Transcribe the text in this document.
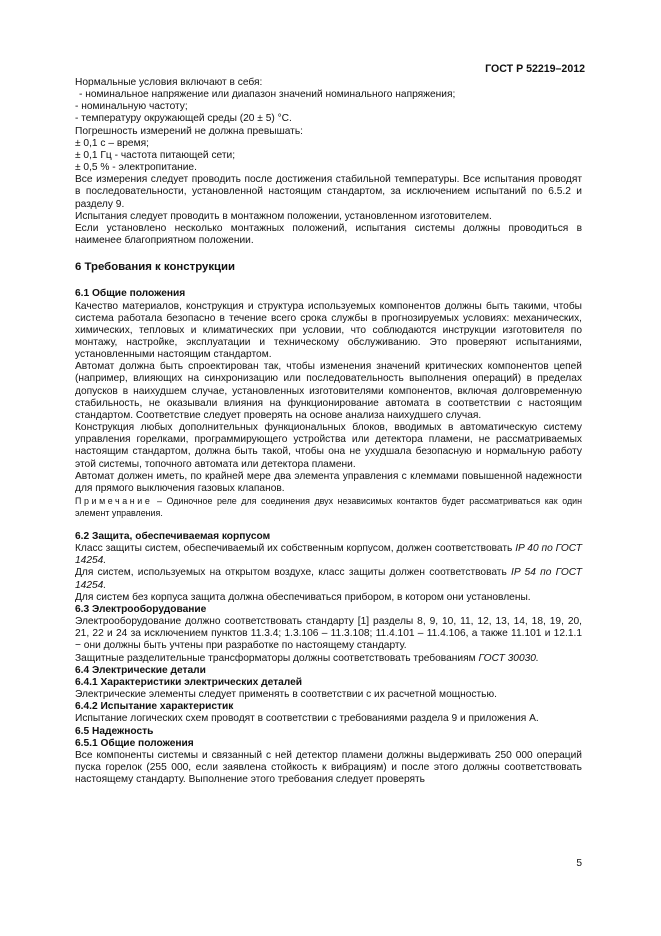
ГОСТ Р 52219–2012

Нормальные условия включают в себя:

- номинальное напряжение или диапазон значений номинального напряжения;

- номинальную частоту;

- температуру окружающей среды (20 ± 5) °С.

Погрешность измерений не должна превышать:

± 0,1 с – время;

± 0,1 Гц - частота питающей сети;

± 0,5 % - электропитание.

Все измерения следует проводить после достижения стабильной температуры. Все испытания проводят в последовательности, установленной настоящим стандартом, за исключением испытаний по 6.5.2 и разделу 9.

Испытания следует проводить в монтажном положении, установленном изготовителем.

Если установлено несколько монтажных положений, испытания системы должны проводиться в наименее благоприятном положении.

6 Требования к конструкции

6.1 Общие положения

Качество материалов, конструкция и структура используемых компонентов должны быть такими, чтобы система работала безопасно в течение всего срока службы в прогнозируемых условиях: механических, химических, тепловых и климатических при условии, что соблюдаются инструкции изготовителя по монтажу, настройке, эксплуатации и техническому обслуживанию. Это проверяют испытаниями, установленными настоящим стандартом.

Автомат должна быть спроектирован так, чтобы изменения значений критических компонентов цепей (например, влияющих на синхронизацию или последовательность выполнения операций) в пределах допусков в наихудшем случае, установленных изготовителями компонентов, включая долговременную стабильность, не оказывали влияния на функционирование автомата в соответствии с настоящим стандартом. Соответствие следует проверять на основе анализа наихудшего случая.

Конструкция любых дополнительных функциональных блоков, вводимых в автоматическую систему управления горелками, программирующего устройства или детектора пламени, не рассматриваемых настоящим стандартом, должна быть такой, чтобы она не ухудшала безопасную и нормальную работу этой системы, топочного автомата или детектора пламени.

Автомат должен иметь, по крайней мере два элемента управления с клеммами повышенной надежности для прямого выключения газовых клапанов.

Примечание – Одиночное реле для соединения двух независимых контактов будет рассматриваться как один элемент управления.

6.2 Защита, обеспечиваемая корпусом

Класс защиты систем, обеспечиваемый их собственным корпусом, должен соответствовать IP 40 по ГОСТ 14254.

Для систем, используемых на открытом воздухе, класс защиты должен соответствовать IP 54 по ГОСТ 14254.

Для систем без корпуса защита должна обеспечиваться прибором, в котором они установлены.

6.3 Электрооборудование

Электрооборудование должно соответствовать стандарту [1] разделы 8, 9, 10, 11, 12, 13, 14, 18, 19, 20, 21, 22 и 24 за исключением пунктов 11.3.4; 1.3.106 – 11.3.108; 11.4.101 – 11.4.106, а также 11.101 и 12.1.1 − они должны быть учтены при разработке по настоящему стандарту.

Защитные разделительные трансформаторы должны соответствовать требованиям ГОСТ 30030.

6.4 Электрические детали

6.4.1 Характеристики электрических деталей

Электрические элементы следует применять в соответствии с их расчетной мощностью.

6.4.2 Испытание характеристик

Испытание логических схем проводят в соответствии с требованиями раздела 9 и приложения А.

6.5 Надежность

6.5.1 Общие положения

Все компоненты системы и связанный с ней детектор пламени должны выдерживать 250 000 операций пуска горелок (255 000, если заявлена стойкость к вибрациям) и после этого должны соответствовать настоящему стандарту. Выполнение этого требования следует проверять

5
